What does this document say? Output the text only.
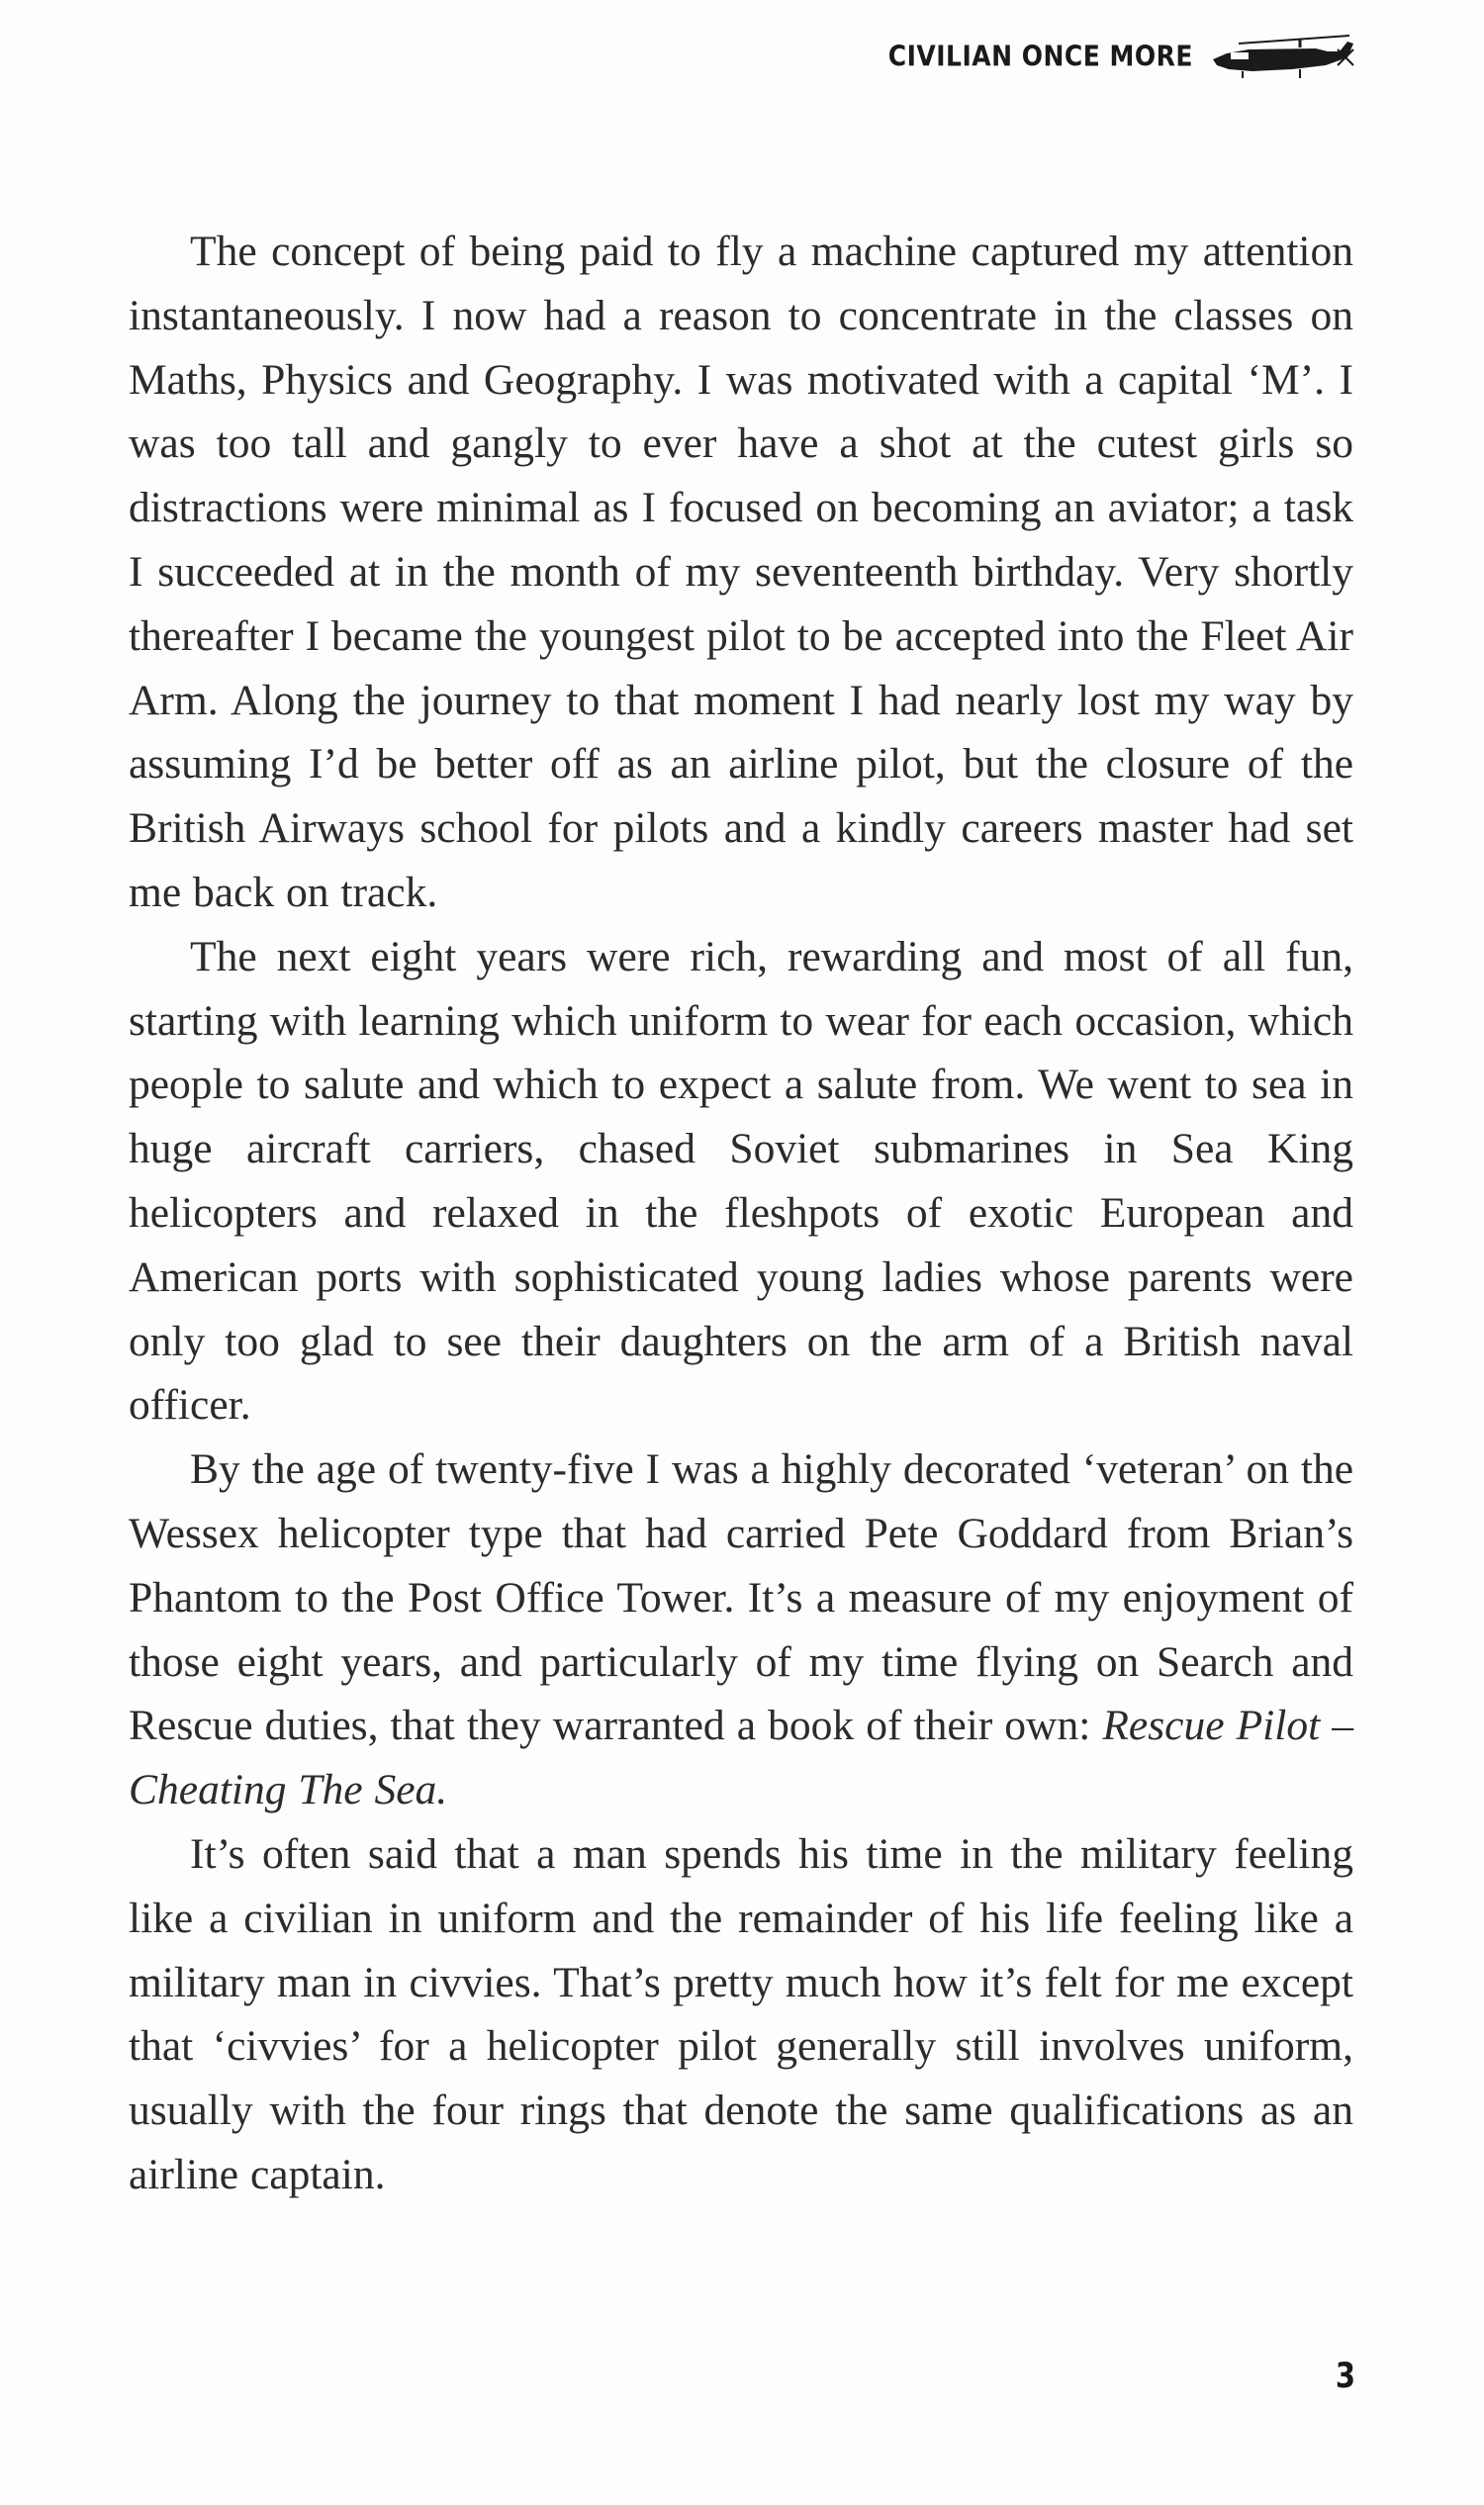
CIVILIAN ONCE MORE

The concept of being paid to fly a machine captured my attention instantaneously. I now had a reason to concentrate in the classes on Maths, Physics and Geography. I was motivated with a capital ‘M’. I was too tall and gangly to ever have a shot at the cutest girls so distractions were minimal as I focused on becoming an aviator; a task I succeeded at in the month of my seventeenth birthday. Very shortly thereafter I became the youngest pilot to be accepted into the Fleet Air Arm. Along the journey to that moment I had nearly lost my way by assuming I’d be better off as an airline pilot, but the closure of the British Airways school for pilots and a kindly careers master had set me back on track.

The next eight years were rich, rewarding and most of all fun, starting with learning which uniform to wear for each occasion, which people to salute and which to expect a salute from. We went to sea in huge aircraft carriers, chased Soviet submarines in Sea King helicopters and relaxed in the fleshpots of exotic European and American ports with sophisticated young ladies whose parents were only too glad to see their daughters on the arm of a British naval officer.

By the age of twenty-five I was a highly decorated ‘veteran’ on the Wessex helicopter type that had carried Pete Goddard from Brian’s Phantom to the Post Office Tower. It’s a measure of my enjoyment of those eight years, and particularly of my time flying on Search and Rescue duties, that they warranted a book of their own: Rescue Pilot – Cheating The Sea.

It’s often said that a man spends his time in the military feeling like a civilian in uniform and the remainder of his life feeling like a military man in civvies. That’s pretty much how it’s felt for me except that ‘civvies’ for a helicopter pilot generally still involves uniform, usually with the four rings that denote the same qualifications as an airline captain.

3
